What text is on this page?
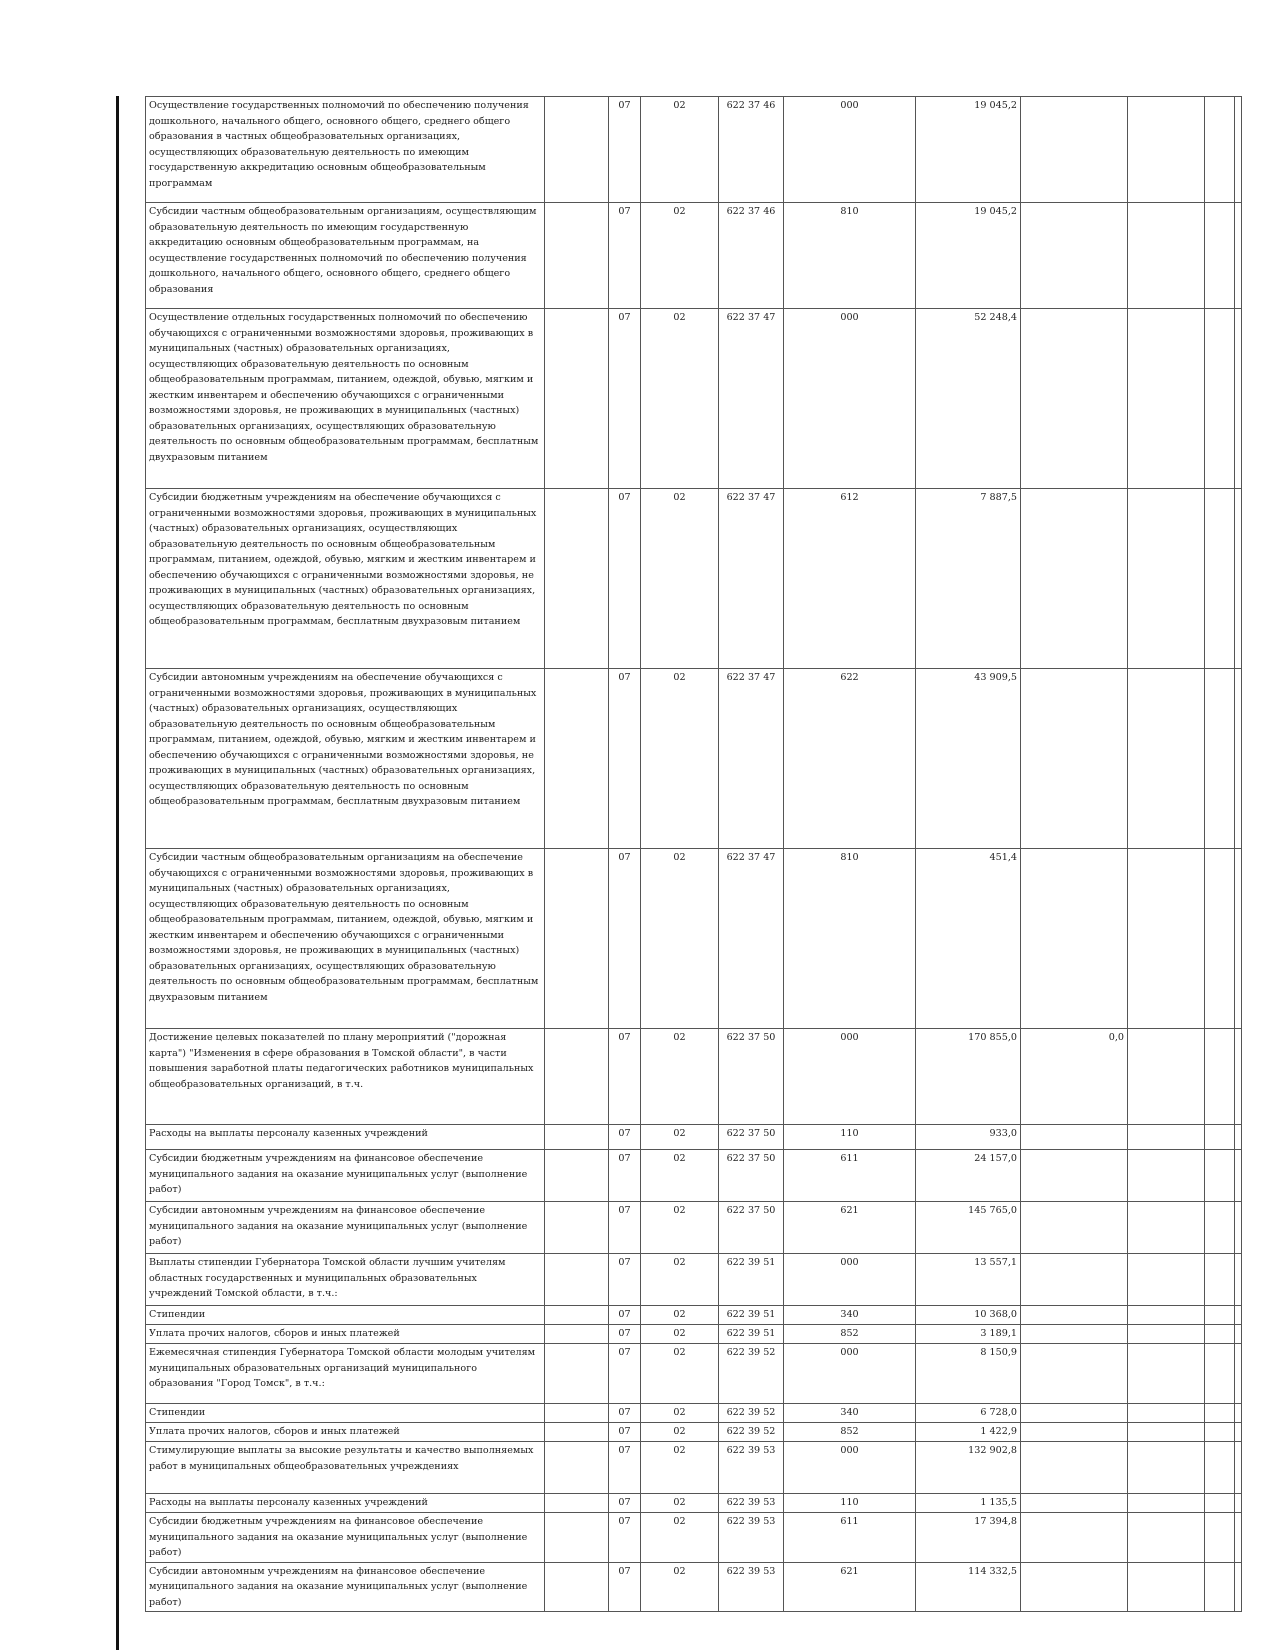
Осуществление государственных полномочий по обеспечению получения дошкольного, начального общего, основного общего, среднего общего образования в частных общеобразовательных организациях, осуществляющих образовательную деятельность по имеющим государственную аккредитацию основным общеобразовательным программам		07	02	622 37 46	000	19 045,2				
Субсидии частным общеобразовательным организациям, осуществляющим образовательную деятельность по имеющим государственную аккредитацию основным общеобразовательным программам, на осуществление государственных полномочий по обеспечению получения дошкольного, начального общего, основного общего, среднего общего образования		07	02	622 37 46	810	19 045,2				
Осуществление отдельных государственных полномочий по обеспечению обучающихся с ограниченными возможностями здоровья, проживающих в муниципальных (частных) образовательных организациях, осуществляющих образовательную деятельность по основным общеобразовательным программам, питанием, одеждой, обувью, мягким и жестким инвентарем и обеспечению обучающихся с ограниченными возможностями здоровья, не проживающих в муниципальных (частных) образовательных организациях, осуществляющих образовательную деятельность по основным общеобразовательным программам, бесплатным двухразовым питанием		07	02	622 37 47	000	52 248,4				
Субсидии бюджетным учреждениям на обеспечение обучающихся с ограниченными возможностями здоровья, проживающих в муниципальных (частных) образовательных организациях, осуществляющих образовательную деятельность по основным общеобразовательным программам, питанием, одеждой, обувью, мягким и жестким инвентарем и обеспечению обучающихся с ограниченными возможностями здоровья, не проживающих в муниципальных (частных) образовательных организациях, осуществляющих образовательную деятельность по основным общеобразовательным программам, бесплатным двухразовым питанием		07	02	622 37 47	612	7 887,5				
Субсидии автономным учреждениям на обеспечение обучающихся с ограниченными возможностями здоровья, проживающих в муниципальных (частных) образовательных организациях, осуществляющих образовательную деятельность по основным общеобразовательным программам, питанием, одеждой, обувью, мягким и жестким инвентарем и обеспечению обучающихся с ограниченными возможностями здоровья, не проживающих в муниципальных (частных) образовательных организациях, осуществляющих образовательную деятельность по основным общеобразовательным программам, бесплатным двухразовым питанием		07	02	622 37 47	622	43 909,5				
Субсидии частным общеобразовательным организациям на обеспечение обучающихся с ограниченными возможностями здоровья, проживающих в муниципальных (частных) образовательных организациях, осуществляющих образовательную деятельность по основным общеобразовательным программам, питанием, одеждой, обувью, мягким и жестким инвентарем и обеспечению обучающихся с ограниченными возможностями здоровья, не проживающих в муниципальных (частных) образовательных организациях, осуществляющих образовательную деятельность по основным общеобразовательным программам, бесплатным двухразовым питанием		07	02	622 37 47	810	451,4				
Достижение целевых показателей по плану мероприятий ("дорожная карта") "Изменения в сфере образования в Томской области", в части повышения заработной платы педагогических работников муниципальных общеобразовательных организаций, в т.ч.		07	02	622 37 50	000	170 855,0	0,0			
Расходы на выплаты персоналу казенных учреждений		07	02	622 37 50	110	933,0				
Субсидии бюджетным учреждениям на финансовое обеспечение муниципального задания на оказание муниципальных услуг (выполнение работ)		07	02	622 37 50	611	24 157,0				
Субсидии автономным учреждениям на финансовое обеспечение муниципального задания на оказание муниципальных услуг (выполнение работ)		07	02	622 37 50	621	145 765,0				
Выплаты стипендии Губернатора Томской области лучшим учителям областных государственных и муниципальных образовательных учреждений Томской области, в т.ч.:		07	02	622 39 51	000	13 557,1				
Стипендии		07	02	622 39 51	340	10 368,0				
Уплата прочих налогов, сборов и иных платежей		07	02	622 39 51	852	3 189,1				
Ежемесячная стипендия Губернатора Томской области молодым учителям муниципальных образовательных организаций муниципального образования "Город Томск", в т.ч.:		07	02	622 39 52	000	8 150,9				
Стипендии		07	02	622 39 52	340	6 728,0				
Уплата прочих налогов, сборов и иных платежей		07	02	622 39 52	852	1 422,9				
Стимулирующие выплаты за высокие результаты и качество выполняемых работ в муниципальных общеобразовательных учреждениях		07	02	622 39 53	000	132 902,8				
Расходы на выплаты персоналу казенных учреждений		07	02	622 39 53	110	1 135,5				
Субсидии бюджетным учреждениям на финансовое обеспечение муниципального задания на оказание муниципальных услуг (выполнение работ)		07	02	622 39 53	611	17 394,8				
Субсидии автономным учреждениям на финансовое обеспечение муниципального задания на оказание муниципальных услуг (выполнение работ)		07	02	622 39 53	621	114 332,5				
